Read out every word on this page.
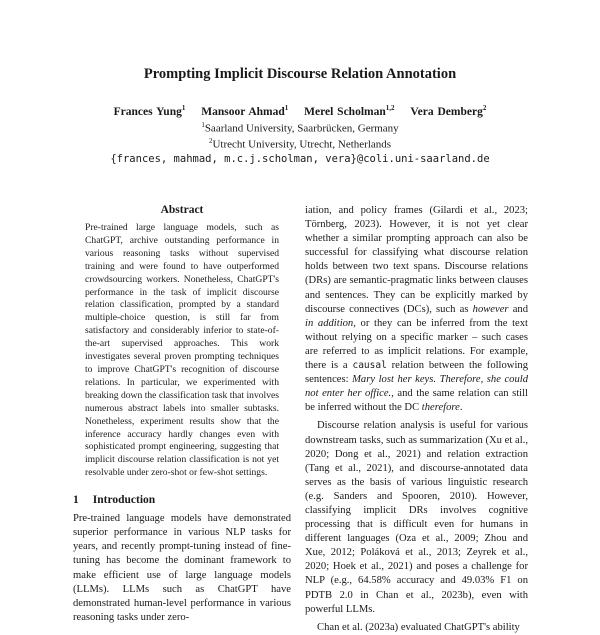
Prompting Implicit Discourse Relation Annotation
Frances Yung$^1$ Mansoor Ahmad$^1$ Merel Scholman$^{1,2}$ Vera Demberg$^2$
$^1$Saarland University, Saarbrücken, Germany
$^2$Utrecht University, Utrecht, Netherlands
{frances, mahmad, m.c.j.scholman, vera}@coli.uni-saarland.de
Abstract
Pre-trained large language models, such as ChatGPT, archive outstanding performance in various reasoning tasks without supervised training and were found to have outperformed crowdsourcing workers. Nonetheless, ChatGPT's performance in the task of implicit discourse relation classification, prompted by a standard multiple-choice question, is still far from satisfactory and considerably inferior to state-of-the-art supervised approaches. This work investigates several proven prompting techniques to improve ChatGPT's recognition of discourse relations. In particular, we experimented with breaking down the classification task that involves numerous abstract labels into smaller subtasks. Nonetheless, experiment results show that the inference accuracy hardly changes even with sophisticated prompt engineering, suggesting that implicit discourse relation classification is not yet resolvable under zero-shot or few-shot settings.
1 Introduction

Pre-trained language models have demonstrated superior performance in various NLP tasks for years, and recently prompt-tuning instead of fine-tuning has become the dominant framework to make efficient use of large language models (LLMs). LLMs such as ChatGPT have demonstrated human-level performance in various reasoning tasks under zero-

iation, and policy frames (Gilardi et al., 2023; Törnberg, 2023). However, it is not yet clear whether a similar prompting approach can also be successful for classifying what discourse relation holds between two text spans. Discourse relations (DRs) are semantic-pragmatic links between clauses and sentences. They can be explicitly marked by discourse connectives (DCs), such as however and in addition, or they can be inferred from the text without relying on a specific marker – such cases are referred to as implicit relations. For example, there is a causal relation between the following sentences: Mary lost her keys. Therefore, she could not enter her office., and the same relation can still be inferred without the DC therefore.

Discourse relation analysis is useful for various downstream tasks, such as summarization (Xu et al., 2020; Dong et al., 2021) and relation extraction (Tang et al., 2021), and discourse-annotated data serves as the basis of various linguistic research (e.g. Sanders and Spooren, 2010). However, classifying implicit DRs involves cognitive processing that is difficult even for humans in different languages (Oza et al., 2009; Zhou and Xue, 2012; Poláková et al., 2013; Zeyrek et al., 2020; Hoek et al., 2021) and poses a challenge for NLP (e.g., 64.58% accuracy and 49.03% F1 on PDTB 2.0 in Chan et al., 2023b), even with powerful LLMs.

Chan et al. (2023a) evaluated ChatGPT's ability
